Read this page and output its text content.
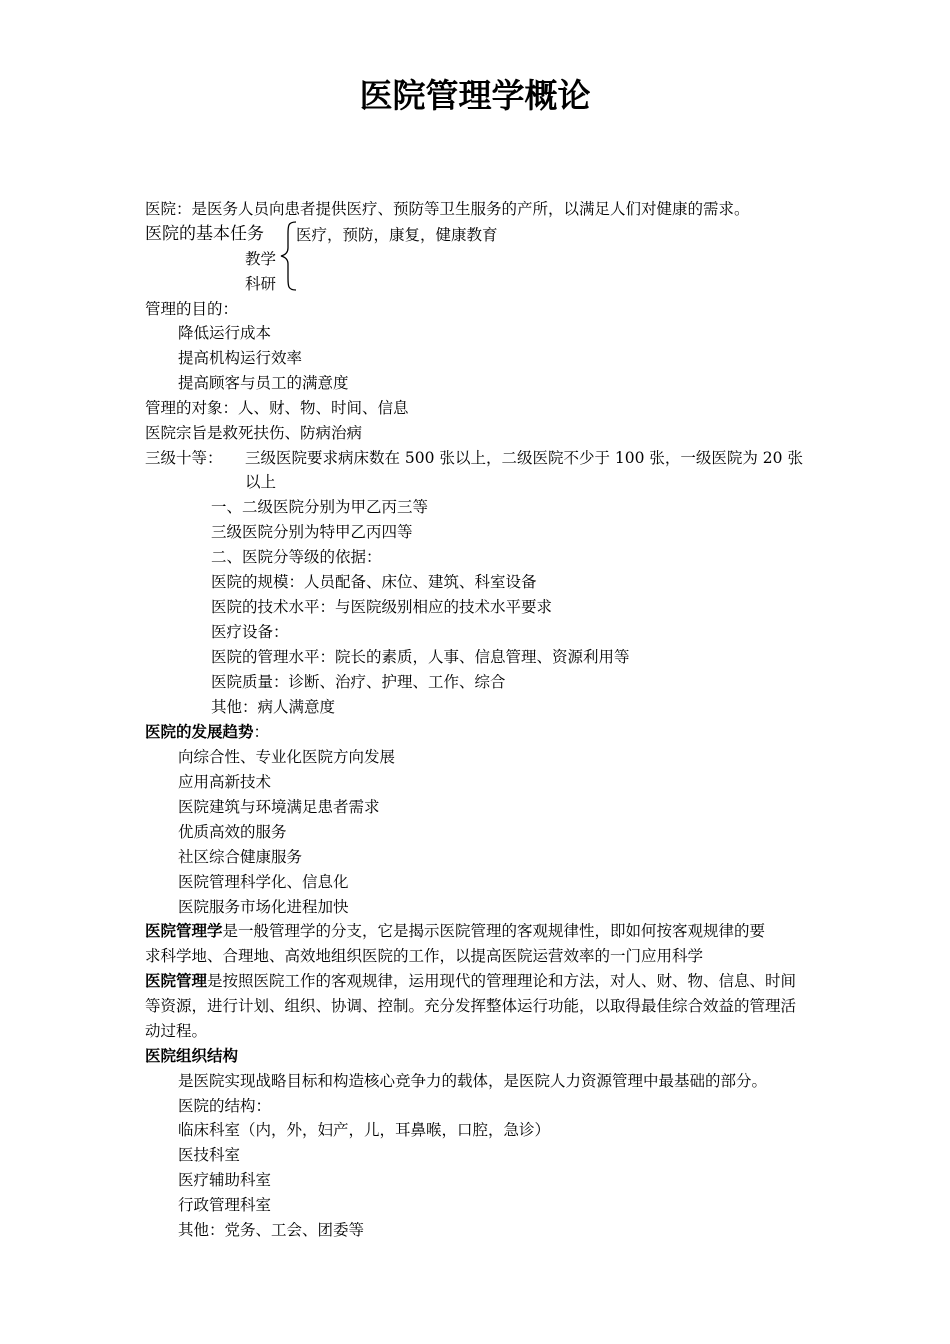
医院管理学概论
医院：是医务人员向患者提供医疗、预防等卫生服务的产所，以满足人们对健康的需求。
医院的基本任务 医疗，预防，康复，健康教育
教学
科研
管理的目的：
降低运行成本
提高机构运行效率
提高顾客与员工的满意度
管理的对象：人、财、物、时间、信息
医院宗旨是救死扶伤、防病治病
三级十等： 三级医院要求病床数在 500 张以上，二级医院不少于 100 张，一级医院为 20 张
以上
一、二级医院分别为甲乙丙三等
三级医院分别为特甲乙丙四等
二、医院分等级的依据：
医院的规模：人员配备、床位、建筑、科室设备
医院的技术水平：与医院级别相应的技术水平要求
医疗设备：
医院的管理水平：院长的素质，人事、信息管理、资源利用等
医院质量：诊断、治疗、护理、工作、综合
其他：病人满意度
医院的发展趋势：
向综合性、专业化医院方向发展
应用高新技术
医院建筑与环境满足患者需求
优质高效的服务
社区综合健康服务
医院管理科学化、信息化
医院服务市场化进程加快
医院管理学是一般管理学的分支，它是揭示医院管理的客观规律性，即如何按客观规律的要
求科学地、合理地、高效地组织医院的工作，以提高医院运营效率的一门应用科学
医院管理是按照医院工作的客观规律，运用现代的管理理论和方法，对人、财、物、信息、时间
等资源，进行计划、组织、协调、控制。充分发挥整体运行功能，以取得最佳综合效益的管理活
动过程。
医院组织结构
是医院实现战略目标和构造核心竞争力的载体，是医院人力资源管理中最基础的部分。
医院的结构：
临床科室（内，外，妇产，儿，耳鼻喉，口腔，急诊）
医技科室
医疗辅助科室
行政管理科室
其他：党务、工会、团委等
